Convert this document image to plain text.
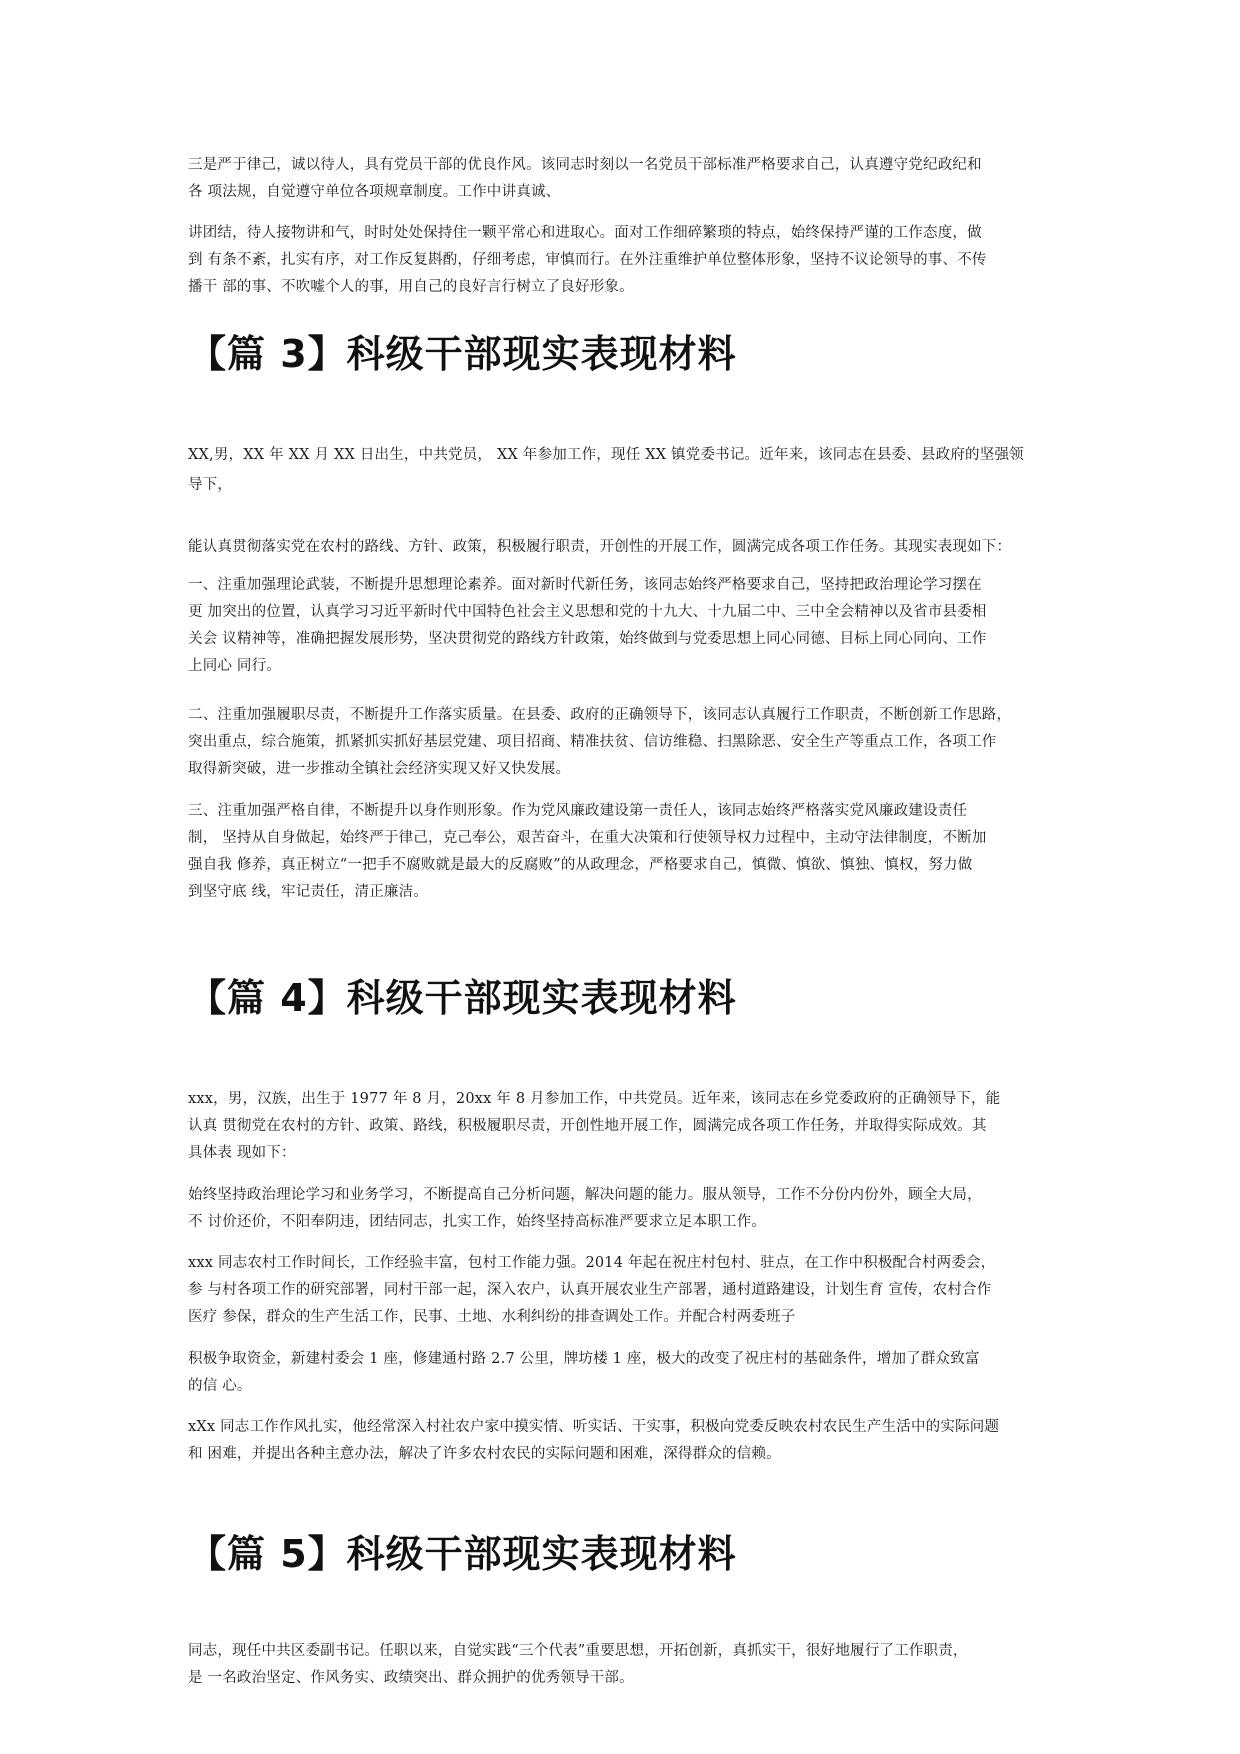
三是严于律己，诚以待人，具有党员干部的优良作风。该同志时刻以一名党员干部标准严格要求自己，认真遵守党纪政纪和
各 项法规，自觉遵守单位各项规章制度。工作中讲真诚、

讲团结，待人接物讲和气，时时处处保持住一颗平常心和进取心。面对工作细碎繁琐的特点，始终保持严谨的工作态度，做
到 有条不紊，扎实有序，对工作反复斟酌，仔细考虑，审慎而行。在外注重维护单位整体形象，坚持不议论领导的事、不传
播干 部的事、不吹嘘个人的事，用自己的良好言行树立了良好形象。

【篇 3】科级干部现实表现材料

XX,男，XX 年 XX 月 XX 日出生，中共党员， XX 年参加工作，现任 XX 镇党委书记。近年来，该同志在县委、县政府的坚强领
导下，

能认真贯彻落实党在农村的路线、方针、政策，积极履行职责，开创性的开展工作，圆满完成各项工作任务。其现实表现如下：

一、注重加强理论武装，不断提升思想理论素养。面对新时代新任务，该同志始终严格要求自己，坚持把政治理论学习摆在
更 加突出的位置，认真学习习近平新时代中国特色社会主义思想和党的十九大、十九届二中、三中全会精神以及省市县委相
关会 议精神等，准确把握发展形势，坚决贯彻党的路线方针政策，始终做到与党委思想上同心同德、目标上同心同向、工作
上同心 同行。

二、注重加强履职尽责，不断提升工作落实质量。在县委、政府的正确领导下，该同志认真履行工作职责，不断创新工作思路，
突出重点，综合施策，抓紧抓实抓好基层党建、项目招商、精准扶贫、信访维稳、扫黑除恶、安全生产等重点工作，各项工作
取得新突破，进一步推动全镇社会经济实现又好又快发展。

三、注重加强严格自律，不断提升以身作则形象。作为党风廉政建设第一责任人，该同志始终严格落实党风廉政建设责任
制， 坚持从自身做起，始终严于律己，克己奉公，艰苦奋斗，在重大决策和行使领导权力过程中，主动守法律制度，不断加
强自我 修养，真正树立“一把手不腐败就是最大的反腐败”的从政理念，严格要求自己，慎微、慎欲、慎独、慎权，努力做
到坚守底 线，牢记责任，清正廉洁。

【篇 4】科级干部现实表现材料

xxx，男，汉族，出生于 1977 年 8 月，20xx 年 8 月参加工作，中共党员。近年来，该同志在乡党委政府的正确领导下，能
认真 贯彻党在农村的方针、政策、路线，积极履职尽责，开创性地开展工作，圆满完成各项工作任务，并取得实际成效。其
具体表 现如下：

始终坚持政治理论学习和业务学习，不断提高自己分析问题，解决问题的能力。服从领导，工作不分份内份外，顾全大局，
不 讨价还价，不阳奉阴违，团结同志，扎实工作，始终坚持高标准严要求立足本职工作。

xxx 同志农村工作时间长，工作经验丰富，包村工作能力强。2014 年起在祝庄村包村、驻点，在工作中积极配合村两委会，
参 与村各项工作的研究部署，同村干部一起，深入农户，认真开展农业生产部署，通村道路建设，计划生育 宣传，农村合作
医疗 参保，群众的生产生活工作，民事、土地、水利纠纷的排查调处工作。并配合村两委班子

积极争取资金，新建村委会 1 座，修建通村路 2.7 公里，牌坊楼 1 座，极大的改变了祝庄村的基础条件，增加了群众致富
的信 心。

xXx 同志工作作风扎实，他经常深入村社农户家中摸实情、听实话、干实事，积极向党委反映农村农民生产生活中的实际问题
和 困难，并提出各种主意办法，解决了许多农村农民的实际问题和困难，深得群众的信赖。

【篇 5】科级干部现实表现材料

同志，现任中共区委副书记。任职以来，自觉实践“三个代表”重要思想，开拓创新，真抓实干，很好地履行了工作职责，
是 一名政治坚定、作风务实、政绩突出、群众拥护的优秀领导干部。
